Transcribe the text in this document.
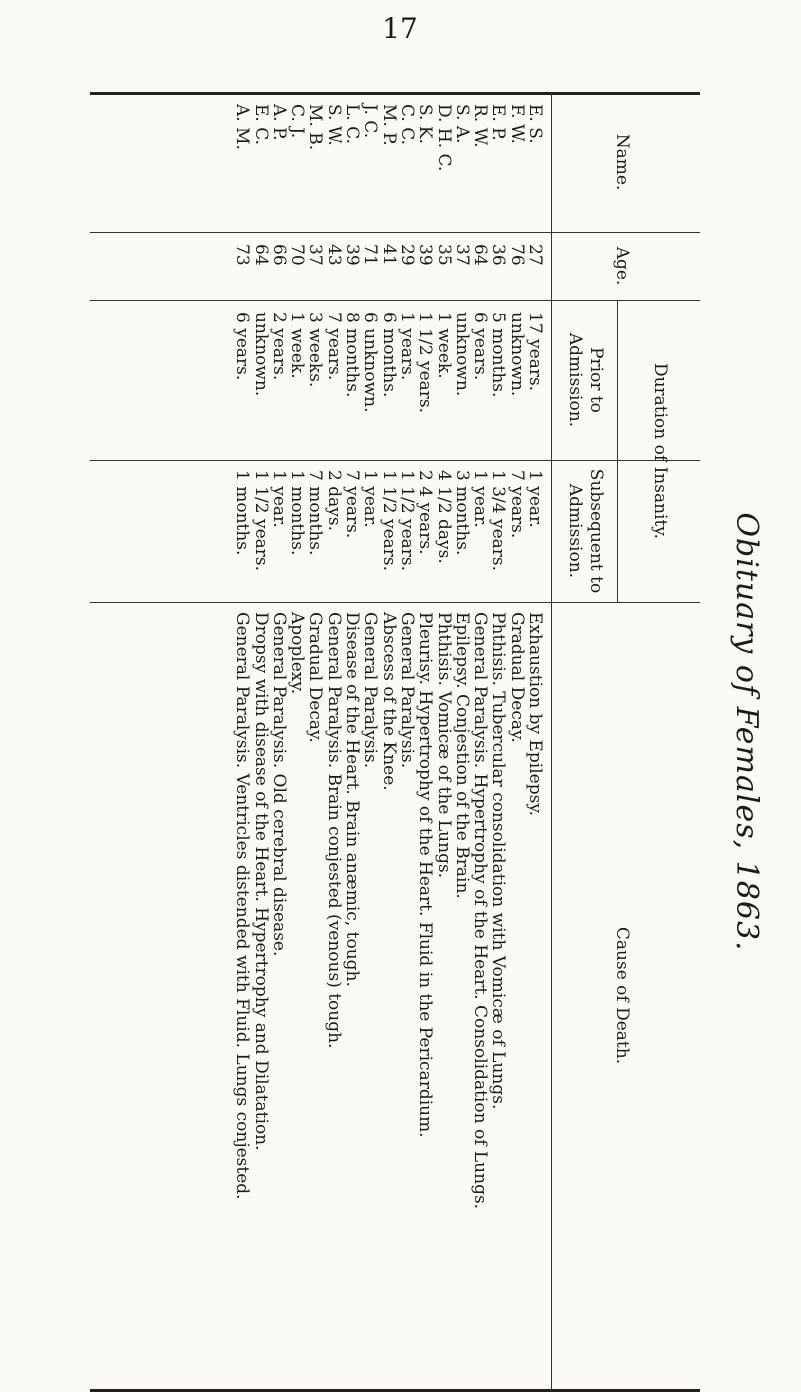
17
Obituary of Females, 1863.
Name.
Age.
Duration of Insanity.
Prior to Admission.
Subsequent to Admission.
Cause of Death.
E. S.
F. W.
E. P.
R. W.
S. A.
D. H. C.
S. K.
C. C.
M. P.
J. C.
L. C.
S. W.
M. B.
C. J.
A. P.
E. C.
A. M.
27
76
36
64
37
35
39
29
41
71
39
43
37
70
66
64
73
17 years.
unknown.
5 months.
6 years.
unknown.
1 week.
1 1/2 years.
1 years.
6 months.
6 unknown.
8 months.
7 years.
3 weeks.
1 week.
2 years.
unknown.
6 years.
1 year.
7 years.
1 3/4 years.
1 year.
3 months.
4 1/2 days.
2 4 years.
1 1/2 years.
1 1/2 years.
1 year.
7 years.
2 days.
7 months.
1 months.
1 year.
1 1/2 years.
1 months.
Exhaustion by Epilepsy.
Gradual Decay.
Phthisis. Tubercular consolidation with Vomicæ of Lungs.
General Paralysis. Hypertrophy of the Heart. Consolidation of Lungs.
Epilepsy. Conjestion of the Brain.
Phthisis. Vomicæ of the Lungs.
Pleurisy. Hypertrophy of the Heart. Fluid in the Pericardium.
General Paralysis.
Abscess of the Knee.
General Paralysis.
Disease of the Heart. Brain anæmic, tough.
General Paralysis. Brain conjested (venous) tough.
Gradual Decay.
Apoplexy.
General Paralysis. Old cerebral disease.
Dropsy with disease of the Heart. Hypertrophy and Dilatation.
General Paralysis. Ventricles distended with Fluid. Lungs conjested.
